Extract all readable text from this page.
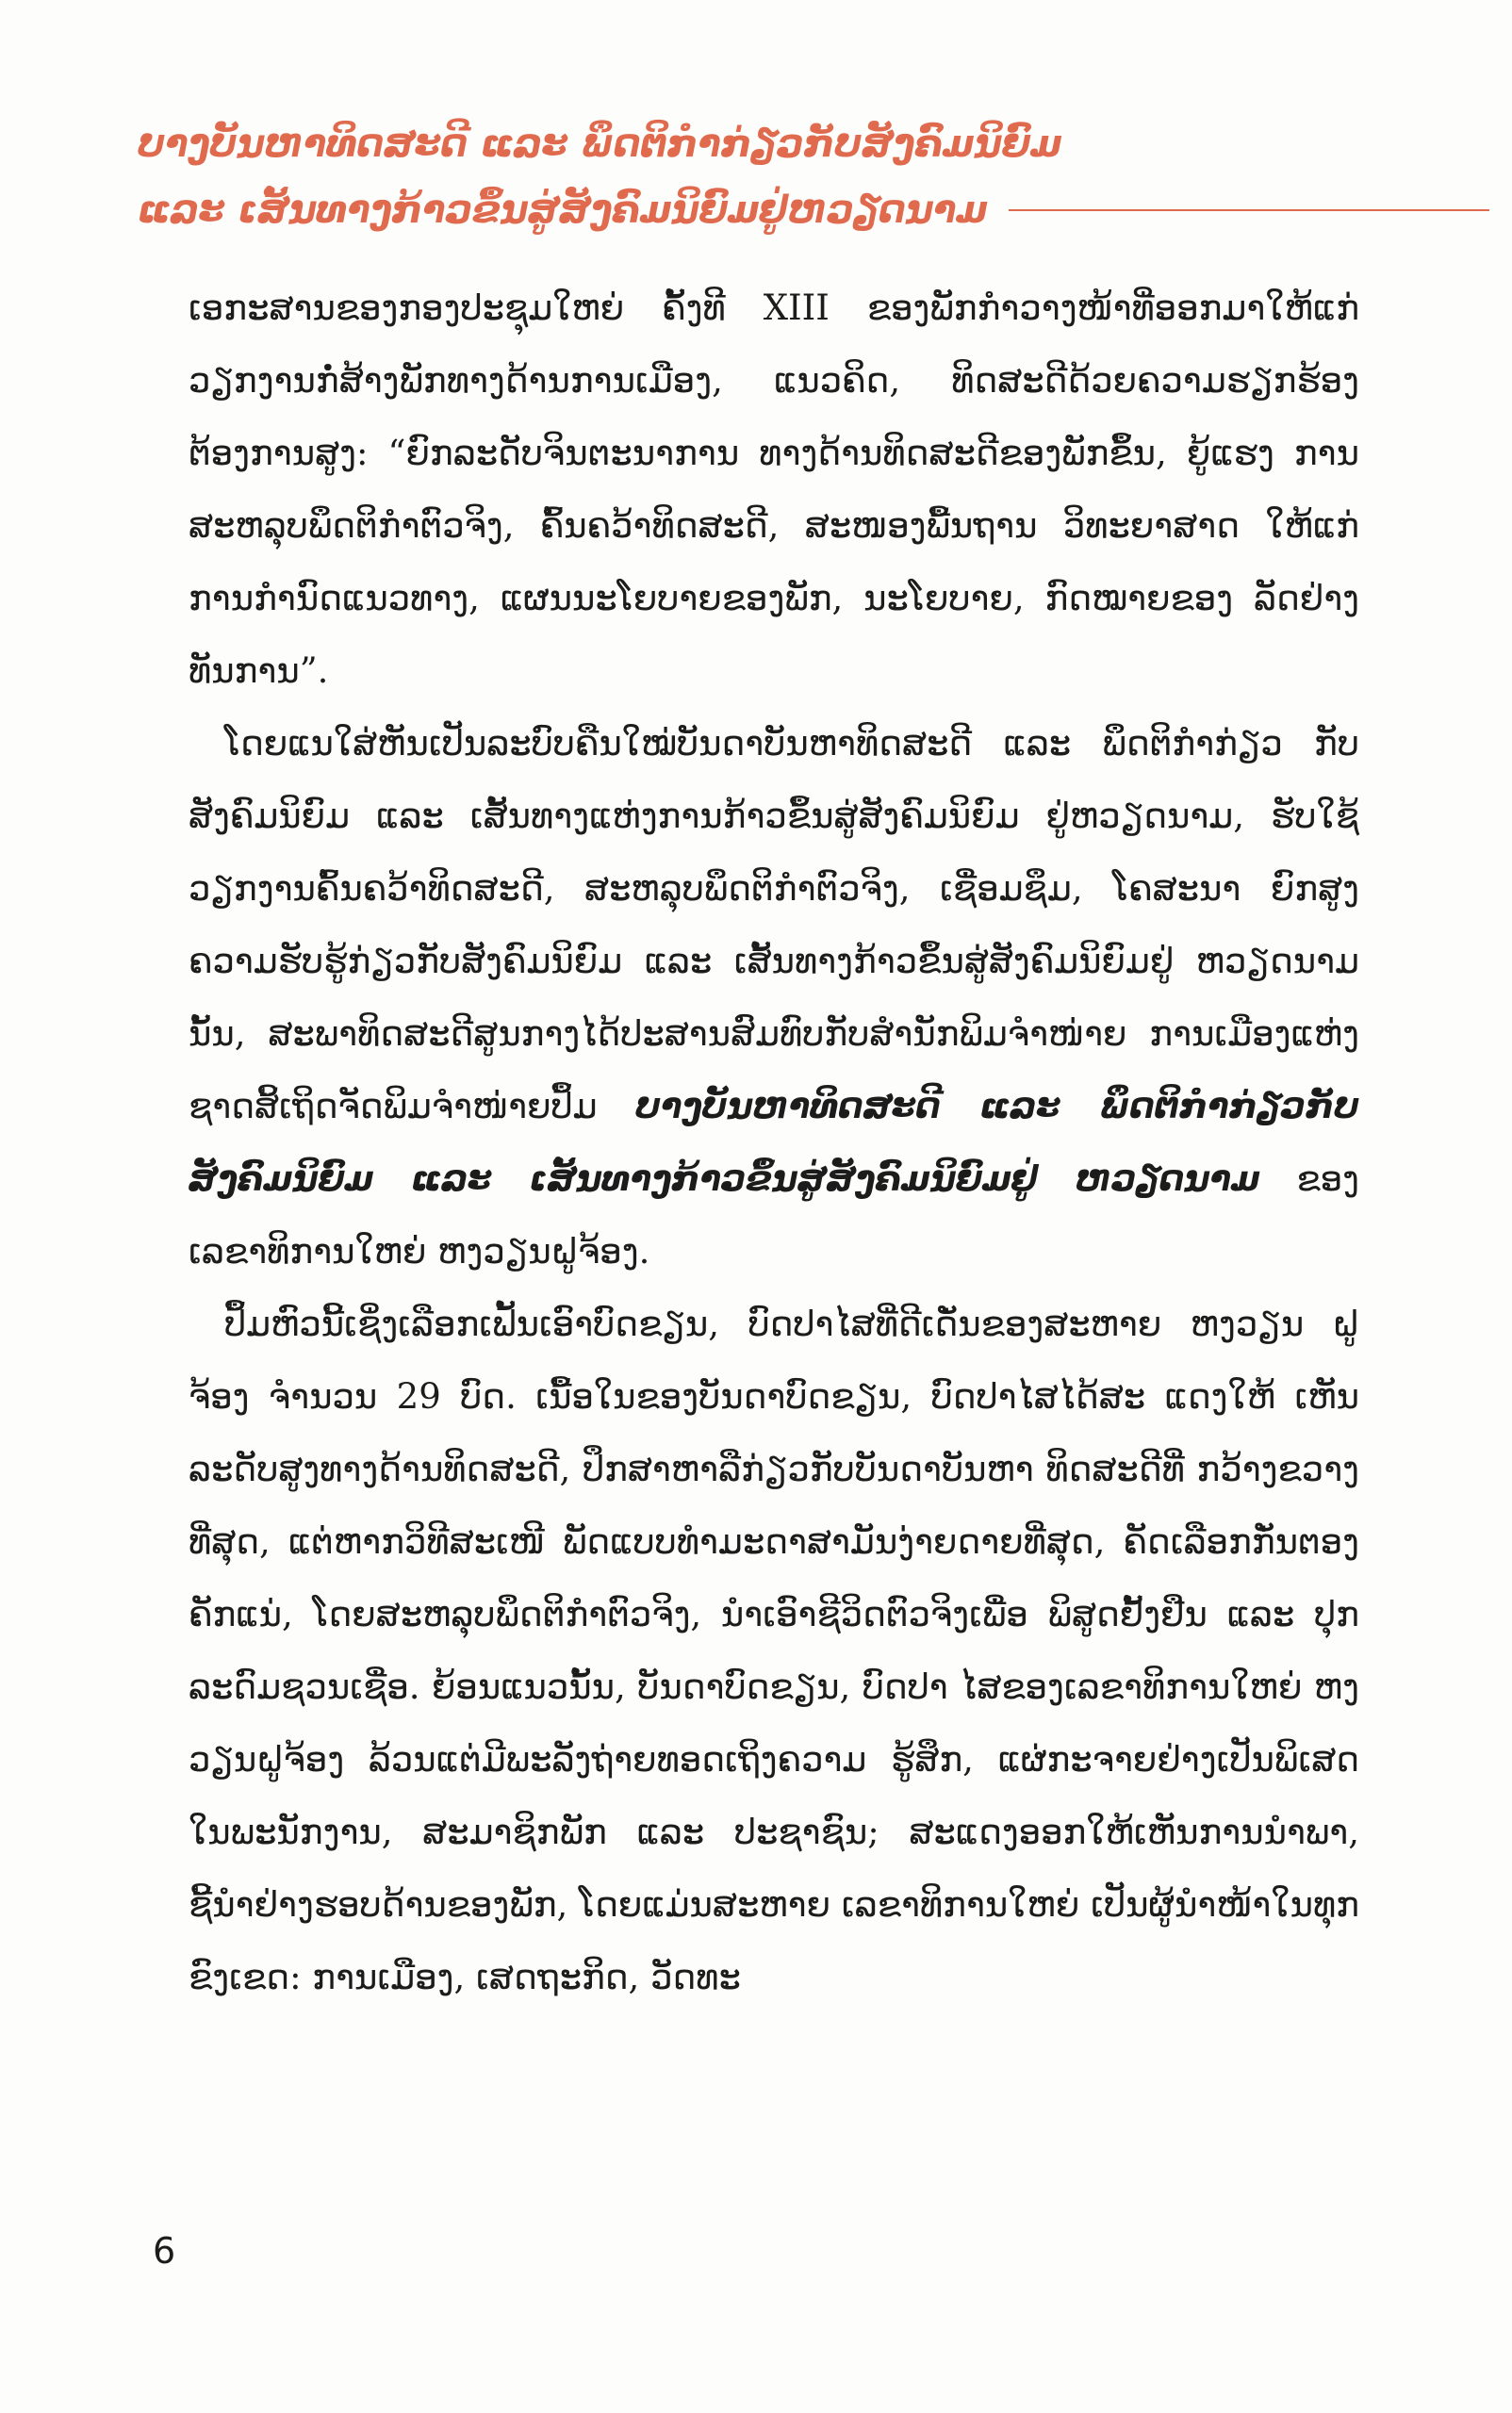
ບາງບັນຫາທິດສະດີ ແລະ ພຶດຕິກຳກ່ຽວກັບສັງຄົມນິຍົມ
ແລະ ເສັ້ນທາງກ້າວຂຶ້ນສູ່ສັງຄົມນິຍົມຢູ່ຫວຽດນາມ

ເອກະສານຂອງກອງປະຊຸມໃຫຍ່ ຄັ້ງທີ XIII ຂອງພັກກຳວາງໜ້າທີ່ອອກມາໃຫ້ແກ່ ວຽກງານກໍ່ສ້າງພັກທາງດ້ານການເມືອງ, ແນວຄິດ, ທິດສະດີດ້ວຍຄວາມຮຽກຮ້ອງ ຕ້ອງການສູງ: “ຍົກລະດັບຈິນຕະນາການ ທາງດ້ານທິດສະດີຂອງພັກຂຶ້ນ, ຍູ້ແຮງ ການສະຫລຸບພຶດຕິກຳຕົວຈິງ, ຄົ້ນຄວ້າທິດສະດີ, ສະໜອງພື້ນຖານ ວິທະຍາສາດ ໃຫ້ແກ່ການກຳນົດແນວທາງ, ແຜນນະໂຍບາຍຂອງພັກ, ນະໂຍບາຍ, ກົດໝາຍຂອງ ລັດຢ່າງທັນການ”.

ໂດຍແນໃສ່ຫັນເປັນລະບົບຄືນໃໝ່ບັນດາບັນຫາທິດສະດີ ແລະ ພຶດຕິກຳກ່ຽວ ກັບສັງຄົມນິຍົມ ແລະ ເສັ້ນທາງແຫ່ງການກ້າວຂຶ້ນສູ່ສັງຄົມນິຍົມ ຢູ່ຫວຽດນາມ, ຮັບໃຊ້ວຽກງານຄົ້ນຄວ້າທິດສະດີ, ສະຫລຸບພຶດຕິກຳຕົວຈິງ, ເຊື່ອມຊຶມ, ໂຄສະນາ ຍົກສູງຄວາມຮັບຮູ້ກ່ຽວກັບສັງຄົມນິຍົມ ແລະ ເສັ້ນທາງກ້າວຂຶ້ນສູ່ສັງຄົມນິຍົມຢູ່ ຫວຽດນາມນັ້ນ, ສະພາທິດສະດີສູນກາງໄດ້ປະສານສົມທົບກັບສຳນັກພິມຈຳໜ່າຍ ການເມືອງແຫ່ງຊາດສິ້ເຖິດຈັດພິມຈຳໜ່າຍປຶ້ມ ບາງບັນຫາທິດສະດີ ແລະ ພຶດຕິກຳກ່ຽວກັບສັງຄົມນິຍົມ ແລະ ເສັ້ນທາງກ້າວຂຶ້ນສູ່ສັງຄົມນິຍົມຢູ່ ຫວຽດນາມ ຂອງເລຂາທິການໃຫຍ່ ຫງວຽນຝູຈ້ອງ.

ປຶ້ມຫົວນີ້ເຊິ່ງເລືອກເຟັ້ນເອົາບົດຂຽນ, ບົດປາໄສທີ່ດີເດັ່ນຂອງສະຫາຍ ຫງວຽນ ຝູຈ້ອງ ຈຳນວນ 29 ບົດ. ເນື້ອໃນຂອງບັນດາບົດຂຽນ, ບົດປາໄສໄດ້ສະ ແດງໃຫ້ ເຫັນລະດັບສູງທາງດ້ານທິດສະດີ, ປຶກສາຫາລືກ່ຽວກັບບັນດາບັນຫາ ທິດສະດີທີ່ ກວ້າງຂວາງທີ່ສຸດ, ແຕ່ຫາກວິທີສະເໜີ ພັດແບບທຳມະດາສາມັນງ່າຍດາຍທີ່ສຸດ, ຄັດເລືອກກັ່ນຕອງຄັກແນ່, ໂດຍສະຫລຸບພຶດຕິກຳຕົວຈິງ, ນຳເອົາຊີວິດຕົວຈິງເພື່ອ ພິສູດຢັ້ງຢືນ ແລະ ປຸກລະດົມຊວນເຊື່ອ. ຍ້ອນແນວນັ້ນ, ບັນດາບົດຂຽນ, ບົດປາ ໄສຂອງເລຂາທິການໃຫຍ່ ຫງວຽນຝູຈ້ອງ ລ້ວນແຕ່ມີພະລັງຖ່າຍທອດເຖິງຄວາມ ຮູ້ສຶກ, ແຜ່ກະຈາຍຢ່າງເປັນພິເສດໃນພະນັກງານ, ສະມາຊິກພັກ ແລະ ປະຊາຊົນ; ສະແດງອອກໃຫ້ເຫັນການນຳພາ, ຊີ້ນຳຢ່າງຮອບດ້ານຂອງພັກ, ໂດຍແມ່ນສະຫາຍ ເລຂາທິການໃຫຍ່ ເປັນຜູ້ນຳໜ້າໃນທຸກຂົງເຂດ: ການເມືອງ, ເສດຖະກິດ, ວັດທະ

6
